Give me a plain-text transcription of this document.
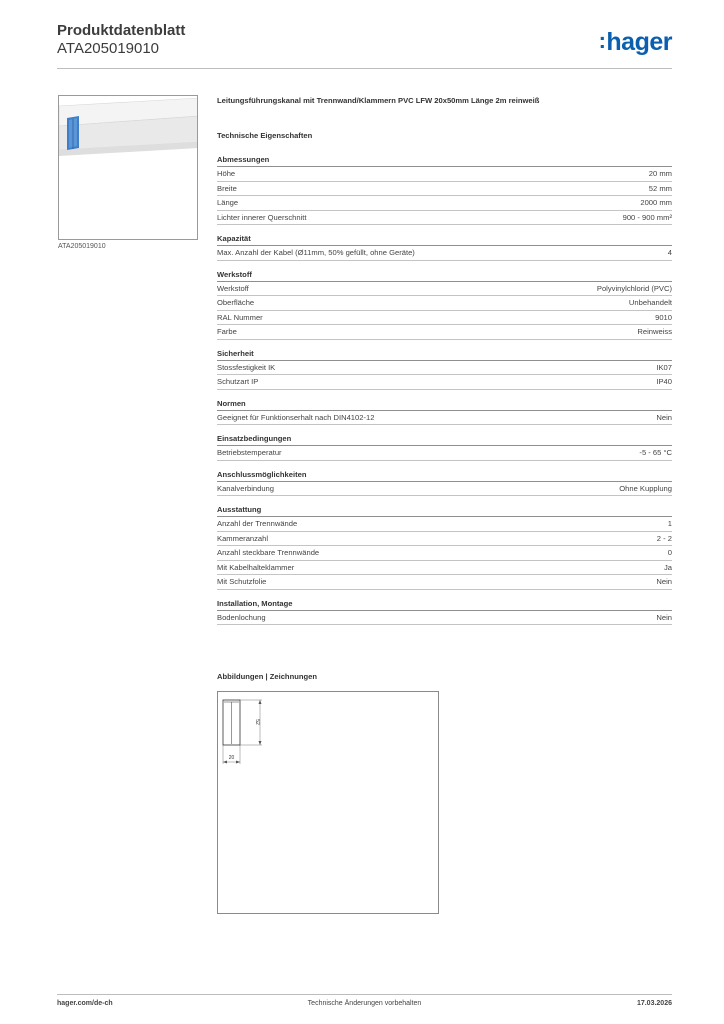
Produktdatenblatt
ATA205019010	:hager
ATA205019010
Leitungsführungskanal mit Trennwand/Klammern PVC LFW 20x50mm Länge 2m reinweiß
Technische Eigenschaften
Abmessungen
Höhe	20 mm
Breite	52 mm
Länge	2000 mm
Lichter innerer Querschnitt	900 - 900 mm²
Kapazität
Max. Anzahl der Kabel (Ø11mm, 50% gefüllt, ohne Geräte)	4
Werkstoff
Werkstoff	Polyvinylchlorid (PVC)
Oberfläche	Unbehandelt
RAL Nummer	9010
Farbe	Reinweiss
Sicherheit
Stossfestigkeit IK	IK07
Schutzart IP	IP40
Normen
Geeignet für Funktionserhalt nach DIN4102-12	Nein
Einsatzbedingungen
Betriebstemperatur	-5 - 65 °C
Anschlussmöglichkeiten
Kanalverbindung	Ohne Kupplung
Ausstattung
Anzahl der Trennwände	1
Kammeranzahl	2 - 2
Anzahl steckbare Trennwände	0
Mit Kabelhalteklammer	Ja
Mit Schutzfolie	Nein
Installation, Montage
Bodenlochung	Nein
Abbildungen | Zeichnungen
52
20
Technische Änderungen vorbehalten
hager.com/de-ch	17.03.2026
